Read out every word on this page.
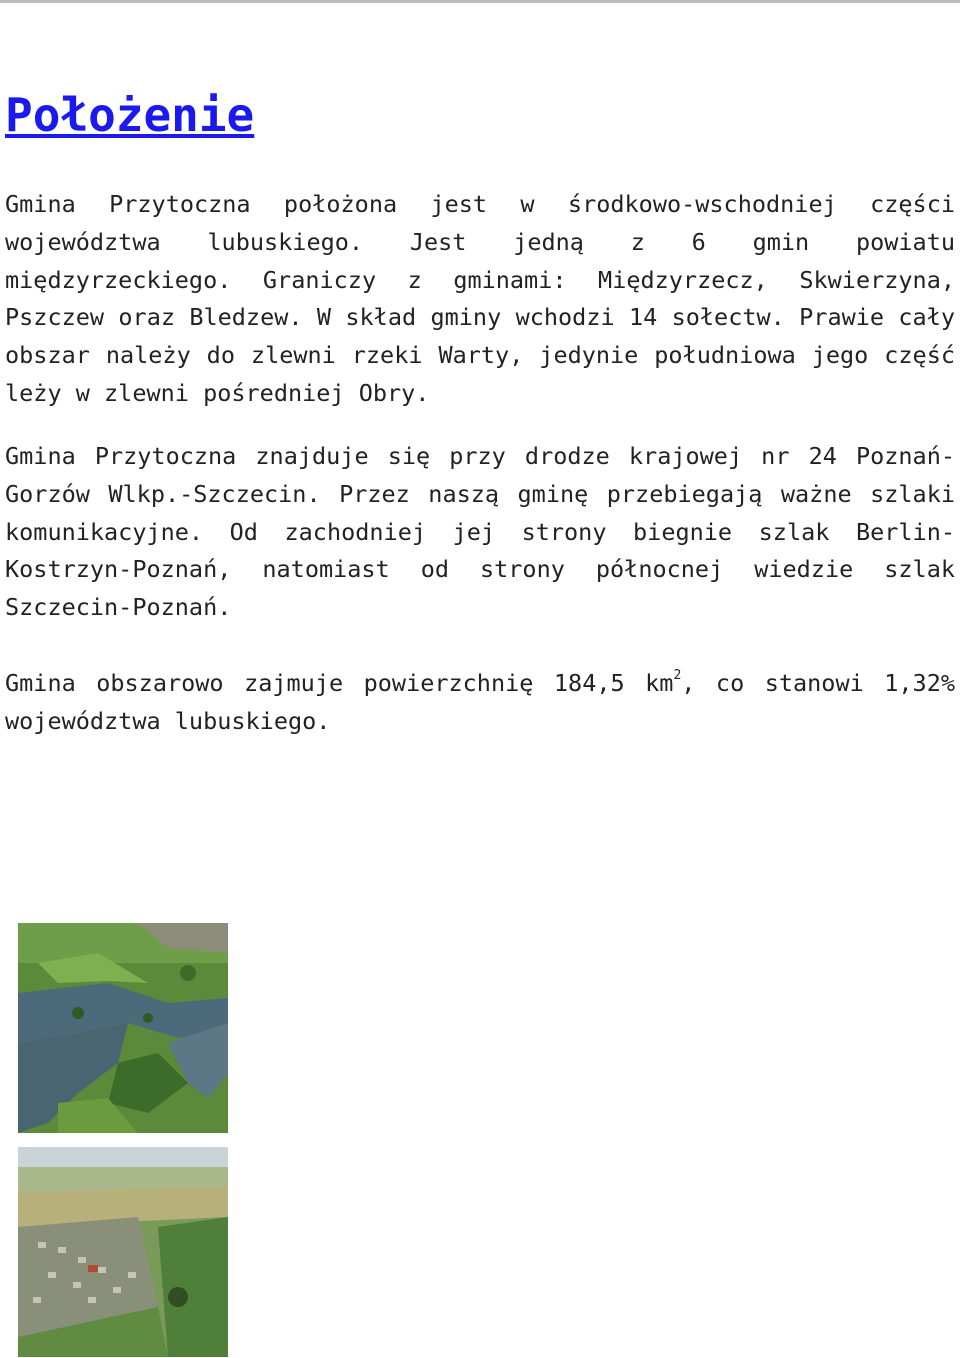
Położenie

Gmina Przytoczna położona jest w środkowo-wschodniej części województwa lubuskiego. Jest jedną z 6 gmin powiatu międzyrzeckiego. Graniczy z gminami: Międzyrzecz, Skwierzyna, Pszczew oraz Bledzew. W skład gminy wchodzi 14 sołectw. Prawie cały obszar należy do zlewni rzeki Warty, jedynie południowa jego część leży w zlewni pośredniej Obry.

Gmina Przytoczna znajduje się przy drodze krajowej nr 24 Poznań-Gorzów Wlkp.-Szczecin. Przez naszą gminę przebiegają ważne szlaki komunikacyjne. Od zachodniej jej strony biegnie szlak Berlin-Kostrzyn-Poznań, natomiast od strony północnej wiedzie szlak Szczecin-Poznań.

Gmina obszarowo zajmuje powierzchnię 184,5 $km^2$, co stanowi 1,32% województwa lubuskiego.
